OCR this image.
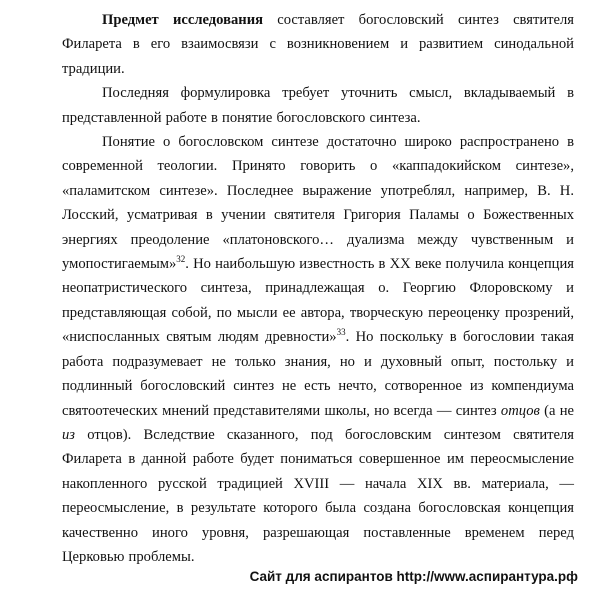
Предмет исследования составляет богословский синтез святителя Филарета в его взаимосвязи с возникновением и развитием синодальной традиции.

Последняя формулировка требует уточнить смысл, вкладываемый в представленной работе в понятие богословского синтеза.

Понятие о богословском синтезе достаточно широко распространено в современной теологии. Принято говорить о «каппадокийском синтезе», «паламитском синтезе». Последнее выражение употреблял, например, В. Н. Лосский, усматривая в учении святителя Григория Паламы о Божественных энергиях преодоление «платоновского… дуализма между чувственным и умопостигаемым»$^{32}$. Но наибольшую известность в XX веке получила концепция неопатристического синтеза, принадлежащая о. Георгию Флоровскому и представляющая собой, по мысли ее автора, творческую переоценку прозрений, «ниспосланных святым людям древности»$^{33}$. Но поскольку в богословии такая работа подразумевает не только знания, но и духовный опыт, постольку и подлинный богословский синтез не есть нечто, сотворенное из компендиума святоотеческих мнений представителями школы, но всегда — синтез отцов (а не из отцов). Вследствие сказанного, под богословским синтезом святителя Филарета в данной работе будет пониматься совершенное им переосмысление накопленного русской традицией XVIII — начала XIX вв. материала, — переосмысление, в результате которого была создана богословская концепция качественно иного уровня, разрешающая поставленные временем перед Церковью проблемы.

Сайт для аспирантов http://www.аспирантура.рф
